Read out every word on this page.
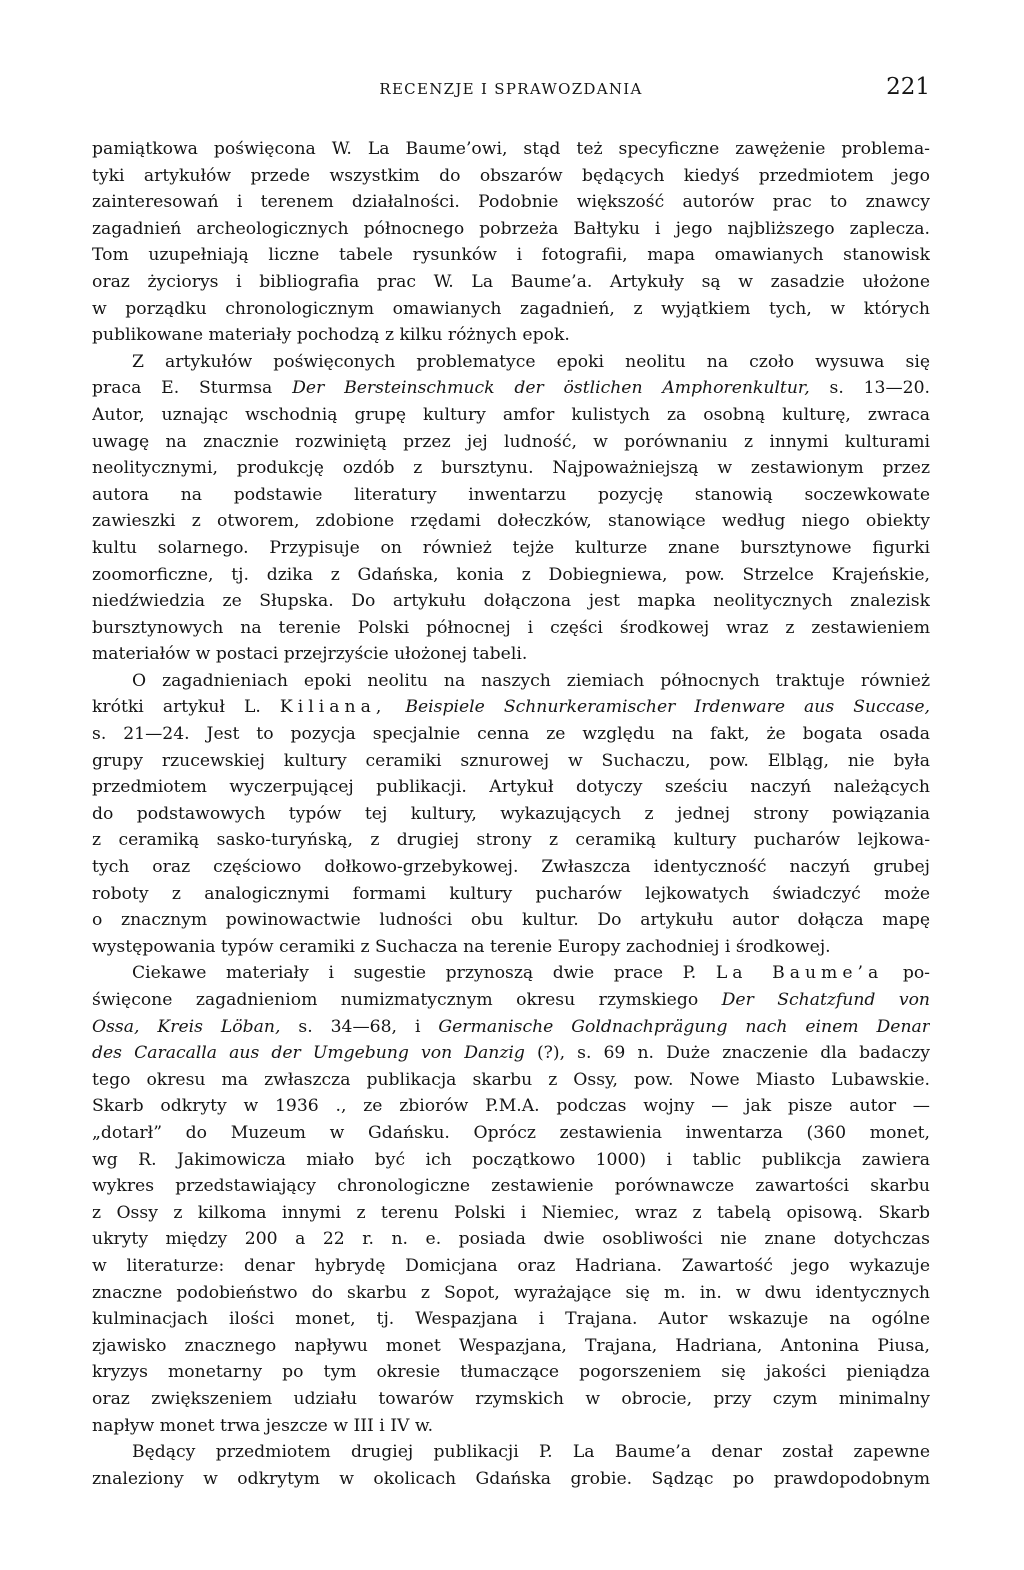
RECENZJE I SPRAWOZDANIA	221
pamiątkowa poświęcona W. La Baume’owi, stąd też specyficzne zawężenie problema-
tyki artykułów przede wszystkim do obszarów będących kiedyś przedmiotem jego
zainteresowań i terenem działalności. Podobnie większość autorów prac to znawcy
zagadnień archeologicznych północnego pobrzeża Bałtyku i jego najbliższego zaplecza.
Tom uzupełniają liczne tabele rysunków i fotografii, mapa omawianych stanowisk
oraz życiorys i bibliografia prac W. La Baume’a. Artykuły są w zasadzie ułożone
w porządku chronologicznym omawianych zagadnień, z wyjątkiem tych, w których
publikowane materiały pochodzą z kilku różnych epok.
Z artykułów poświęconych problematyce epoki neolitu na czoło wysuwa się
praca E. Sturmsa Der Bersteinschmuck der östlichen Amphorenkultur, s. 13—20.
Autor, uznając wschodnią grupę kultury amfor kulistych za osobną kulturę, zwraca
uwagę na znacznie rozwiniętą przez jej ludność, w porównaniu z innymi kulturami
neolitycznymi, produkcję ozdób z bursztynu. Najpoważniejszą w zestawionym przez
autora na podstawie literatury inwentarzu pozycję stanowią soczewkowate
zawieszki z otworem, zdobione rzędami dołeczków, stanowiące według niego obiekty
kultu solarnego. Przypisuje on również tejże kulturze znane bursztynowe figurki
zoomorficzne, tj. dzika z Gdańska, konia z Dobiegniewa, pow. Strzelce Krajeńskie,
niedźwiedzia ze Słupska. Do artykułu dołączona jest mapka neolitycznych znalezisk
bursztynowych na terenie Polski północnej i części środkowej wraz z zestawieniem
materiałów w postaci przejrzyście ułożonej tabeli.
O zagadnieniach epoki neolitu na naszych ziemiach północnych traktuje również
krótki artykuł L. Kiliana, Beispiele Schnurkeramischer Irdenware aus Succase,
s. 21—24. Jest to pozycja specjalnie cenna ze względu na fakt, że bogata osada
grupy rzucewskiej kultury ceramiki sznurowej w Suchaczu, pow. Elbląg, nie była
przedmiotem wyczerpującej publikacji. Artykuł dotyczy sześciu naczyń należących
do podstawowych typów tej kultury, wykazujących z jednej strony powiązania
z ceramiką sasko-turyńską, z drugiej strony z ceramiką kultury pucharów lejkowa-
tych oraz częściowo dołkowo-grzebykowej. Zwłaszcza identyczność naczyń grubej
roboty z analogicznymi formami kultury pucharów lejkowatych świadczyć może
o znacznym powinowactwie ludności obu kultur. Do artykułu autor dołącza mapę
występowania typów ceramiki z Suchacza na terenie Europy zachodniej i środkowej.
Ciekawe materiały i sugestie przynoszą dwie prace P. La Baume’a po-
święcone zagadnieniom numizmatycznym okresu rzymskiego Der Schatzfund von
Ossa, Kreis Löban, s. 34—68, i Germanische Goldnachprägung nach einem Denar
des Caracalla aus der Umgebung von Danzig (?), s. 69 n. Duże znaczenie dla badaczy
tego okresu ma zwłaszcza publikacja skarbu z Ossy, pow. Nowe Miasto Lubawskie.
Skarb odkryty w 1936 ., ze zbiorów P.M.A. podczas wojny — jak pisze autor —
„dotarł” do Muzeum w Gdańsku. Oprócz zestawienia inwentarza (360 monet,
wg R. Jakimowicza miało być ich początkowo 1000) i tablic publikcja zawiera
wykres przedstawiający chronologiczne zestawienie porównawcze zawartości skarbu
z Ossy z kilkoma innymi z terenu Polski i Niemiec, wraz z tabelą opisową. Skarb
ukryty między 200 a 22 r. n. e. posiada dwie osobliwości nie znane dotychczas
w literaturze: denar hybrydę Domicjana oraz Hadriana. Zawartość jego wykazuje
znaczne podobieństwo do skarbu z Sopot, wyrażające się m. in. w dwu identycznych
kulminacjach ilości monet, tj. Wespazjana i Trajana. Autor wskazuje na ogólne
zjawisko znacznego napływu monet Wespazjana, Trajana, Hadriana, Antonina Piusa,
kryzys monetarny po tym okresie tłumaczące pogorszeniem się jakości pieniądza
oraz zwiększeniem udziału towarów rzymskich w obrocie, przy czym minimalny
napływ monet trwa jeszcze w III i IV w.
Będący przedmiotem drugiej publikacji P. La Baume’a denar został zapewne
znaleziony w odkrytym w okolicach Gdańska grobie. Sądząc po prawdopodobnym
